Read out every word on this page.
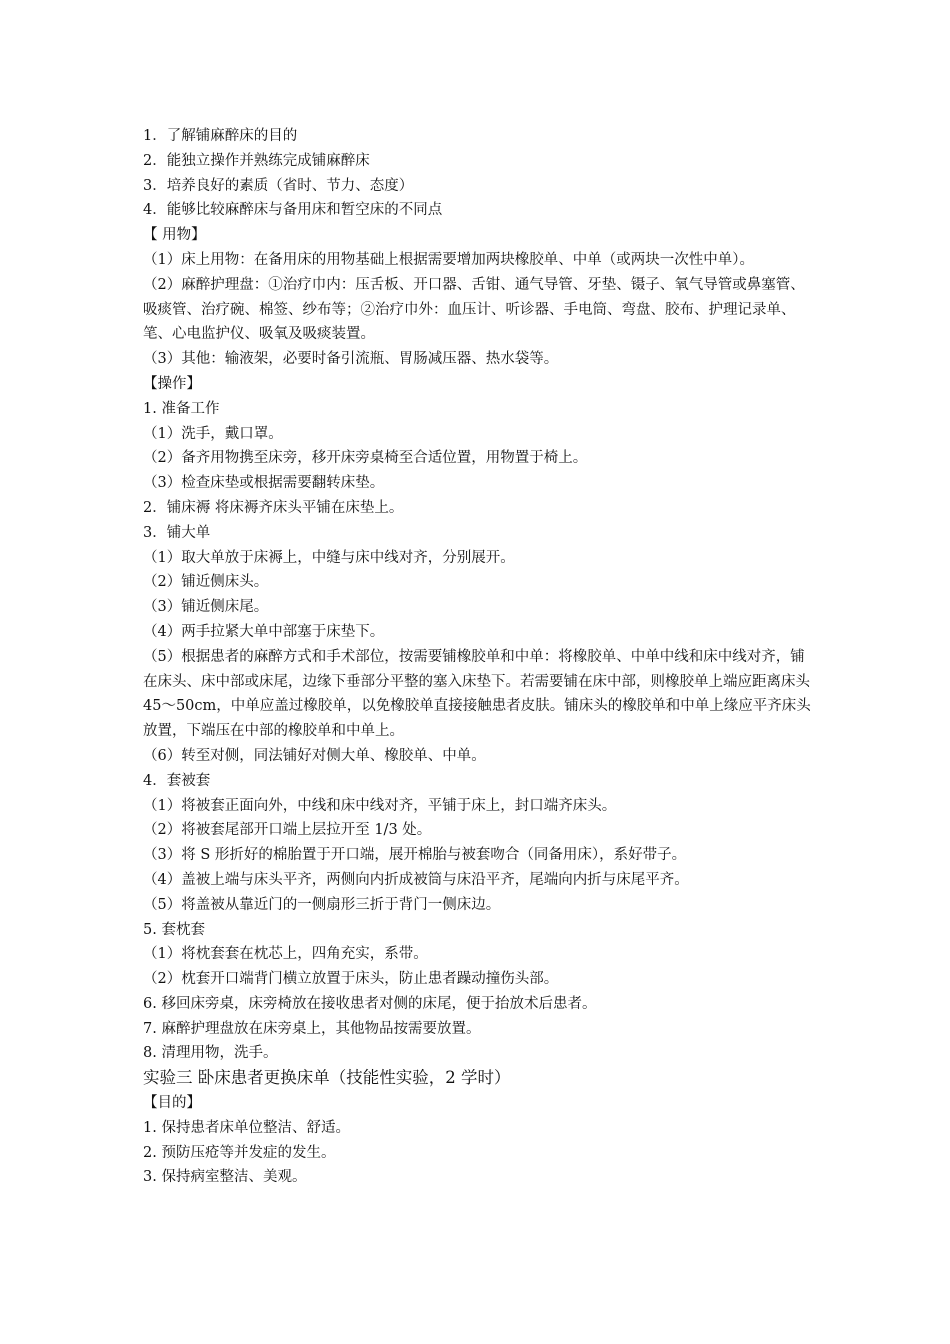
1．了解铺麻醉床的目的
2．能独立操作并熟练完成铺麻醉床
3．培养良好的素质（省时、节力、态度）
4．能够比较麻醉床与备用床和暂空床的不同点
【 用物】
（1）床上用物：在备用床的用物基础上根据需要增加两块橡胶单、中单（或两块一次性中单）。
（2）麻醉护理盘：①治疗巾内：压舌板、开口器、舌钳、通气导管、牙垫、镊子、氧气导管或鼻塞管、吸痰管、治疗碗、棉签、纱布等；②治疗巾外：血压计、听诊器、手电筒、弯盘、胶布、护理记录单、笔、心电监护仪、吸氧及吸痰装置。
（3）其他：输液架，必要时备引流瓶、胃肠减压器、热水袋等。
【操作】
1. 准备工作
（1）洗手，戴口罩。
（2）备齐用物携至床旁，移开床旁桌椅至合适位置，用物置于椅上。
（3）检查床垫或根据需要翻转床垫。
2．铺床褥 将床褥齐床头平铺在床垫上。
3．铺大单
（1）取大单放于床褥上，中缝与床中线对齐，分别展开。
（2）铺近侧床头。
（3）铺近侧床尾。
（4）两手拉紧大单中部塞于床垫下。
（5）根据患者的麻醉方式和手术部位，按需要铺橡胶单和中单：将橡胶单、中单中线和床中线对齐，铺在床头、床中部或床尾，边缘下垂部分平整的塞入床垫下。若需要铺在床中部，则橡胶单上端应距离床头 45～50cm，中单应盖过橡胶单，以免橡胶单直接接触患者皮肤。铺床头的橡胶单和中单上缘应平齐床头放置，下端压在中部的橡胶单和中单上。
（6）转至对侧，同法铺好对侧大单、橡胶单、中单。
4．套被套
（1）将被套正面向外，中线和床中线对齐，平铺于床上，封口端齐床头。
（2）将被套尾部开口端上层拉开至 1/3 处。
（3）将 S 形折好的棉胎置于开口端，展开棉胎与被套吻合（同备用床），系好带子。
（4）盖被上端与床头平齐，两侧向内折成被筒与床沿平齐，尾端向内折与床尾平齐。
（5）将盖被从靠近门的一侧扇形三折于背门一侧床边。
5. 套枕套
（1）将枕套套在枕芯上，四角充实，系带。
（2）枕套开口端背门横立放置于床头，防止患者躁动撞伤头部。
6. 移回床旁桌，床旁椅放在接收患者对侧的床尾，便于抬放术后患者。
7. 麻醉护理盘放在床旁桌上，其他物品按需要放置。
8. 清理用物，洗手。
实验三 卧床患者更换床单（技能性实验，2 学时）
【目的】
1. 保持患者床单位整洁、舒适。
2. 预防压疮等并发症的发生。
3. 保持病室整洁、美观。
